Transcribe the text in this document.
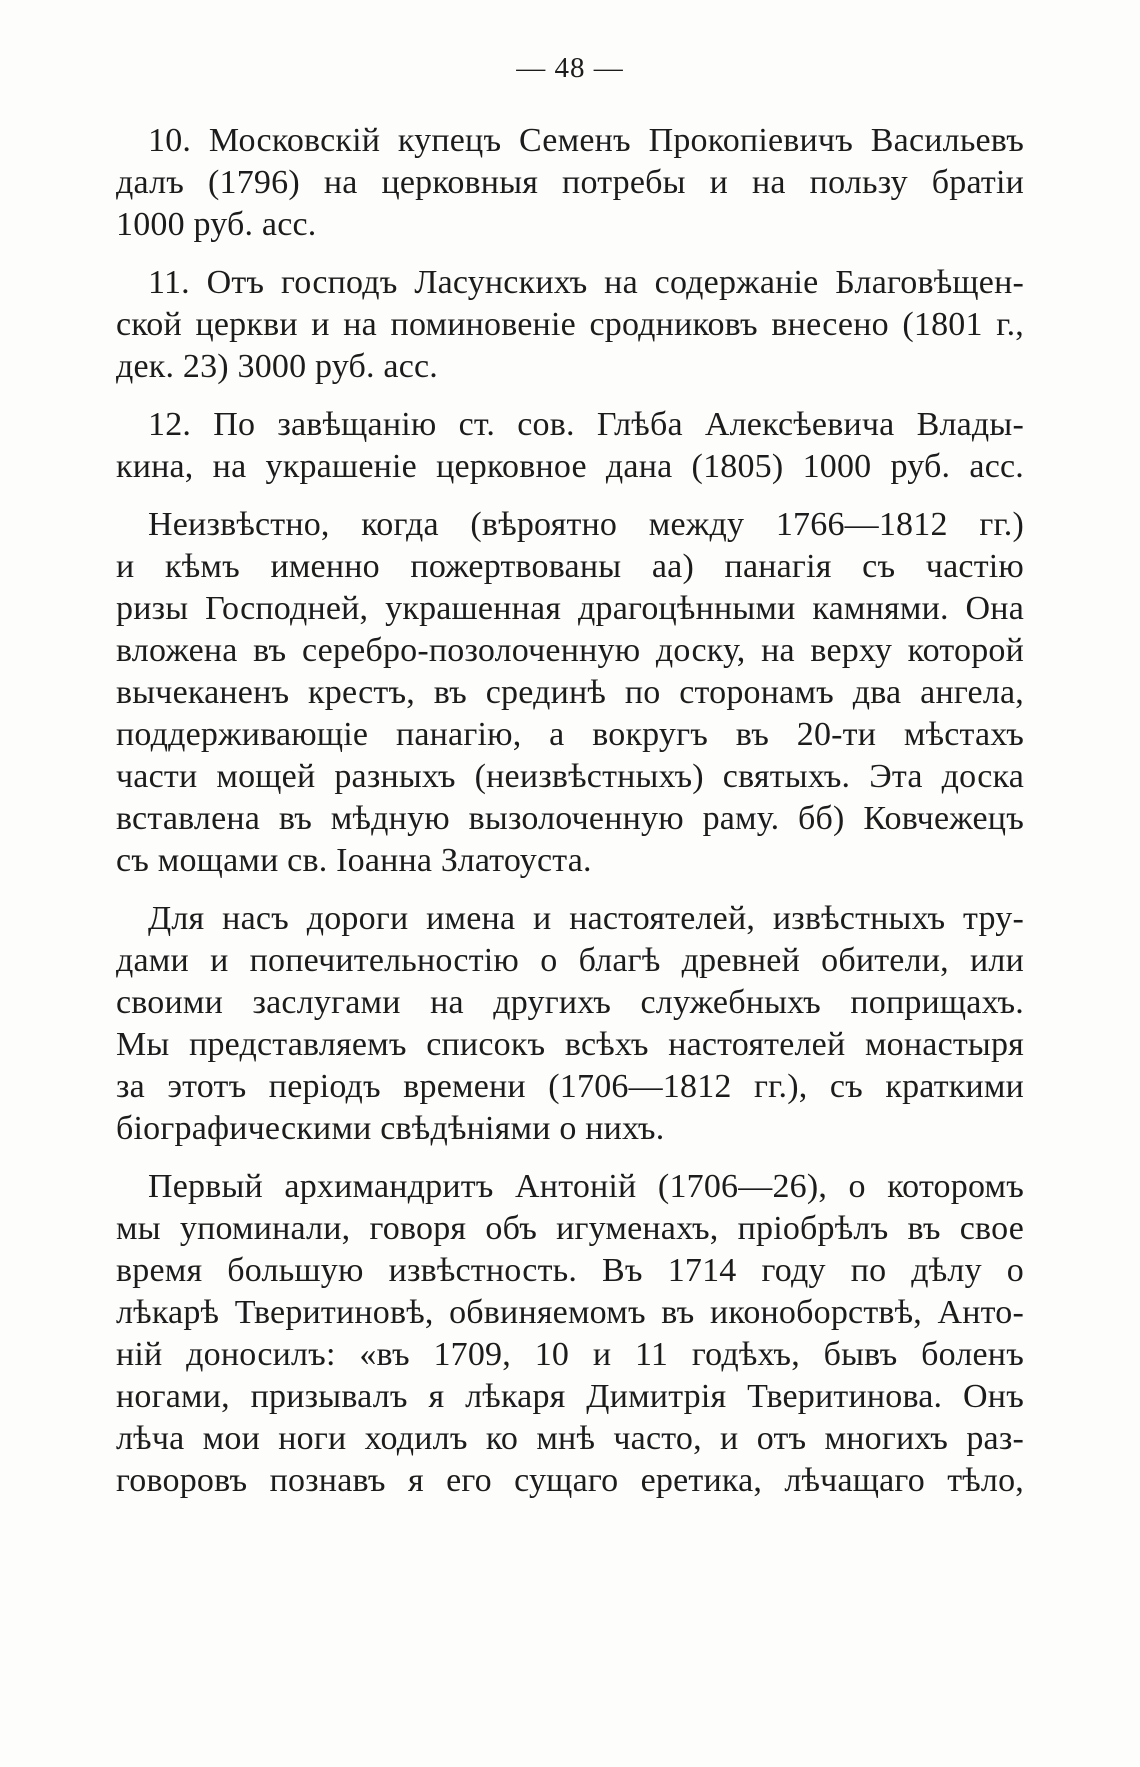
— 48 —
10. Московскій купецъ Семенъ Прокопіевичъ Васильевъ
далъ (1796) на церковныя потребы и на пользу братіи
1000 руб. асс.
11. Отъ господъ Ласунскихъ на содержаніе Благовѣщен-
ской церкви и на поминовеніе сродниковъ внесено (1801 г.,
дек. 23) 3000 руб. асс.
12. По завѣщанію ст. сов. Глѣба Алексѣевича Влады-
кина, на украшеніе церковное дана (1805) 1000 руб. асс.
Неизвѣстно, когда (вѣроятно между 1766—1812 гг.)
и кѣмъ именно пожертвованы аа) панагія съ частію
ризы Господней, украшенная драгоцѣнными камнями. Она
вложена въ серебро-позолоченную доску, на верху которой
вычеканенъ крестъ, въ срединѣ по сторонамъ два ангела,
поддерживающіе панагію, а вокругъ въ 20-ти мѣстахъ
части мощей разныхъ (неизвѣстныхъ) святыхъ. Эта доска
вставлена въ мѣдную вызолоченную раму. бб) Ковчежецъ
съ мощами св. Іоанна Златоуста.
Для насъ дороги имена и настоятелей, извѣстныхъ тру-
дами и попечительностію о благѣ древней обители, или
своими заслугами на другихъ служебныхъ поприщахъ.
Мы представляемъ списокъ всѣхъ настоятелей монастыря
за этотъ періодъ времени (1706—1812 гг.), съ краткими
біографическими свѣдѣніями о нихъ.
Первый архимандритъ Антоній (1706—26), о которомъ
мы упоминали, говоря объ игуменахъ, пріобрѣлъ въ свое
время большую извѣстность. Въ 1714 году по дѣлу о
лѣкарѣ Тверитиновѣ, обвиняемомъ въ иконоборствѣ, Анто-
ній доносилъ: «въ 1709, 10 и 11 годѣхъ, бывъ боленъ
ногами, призывалъ я лѣкаря Димитрія Тверитинова. Онъ
лѣча мои ноги ходилъ ко мнѣ часто, и отъ многихъ раз-
говоровъ познавъ я его сущаго еретика, лѣчащаго тѣло,
